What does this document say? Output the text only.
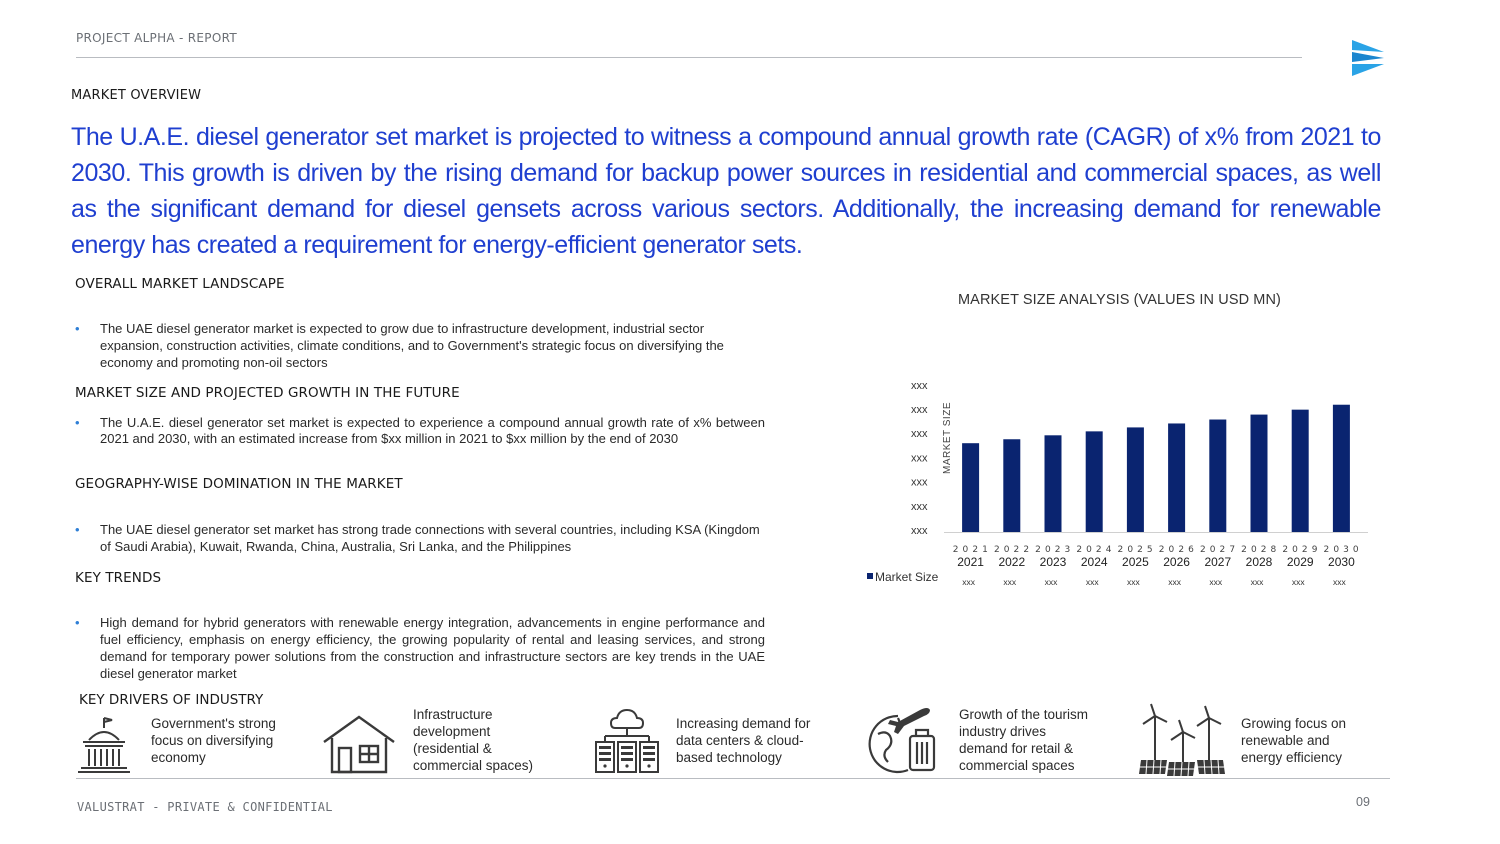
PROJECT ALPHA - REPORT
MARKET OVERVIEW
The U.A.E. diesel generator set market is projected to witness a compound annual growth rate (CAGR) of x% from 2021 to 2030. This growth is driven by the rising demand for backup power sources in residential and commercial spaces, as well as the significant demand for diesel gensets across various sectors. Additionally, the increasing demand for renewable energy has created a requirement for energy-efficient generator sets.
OVERALL MARKET LANDSCAPE
• The UAE diesel generator market is expected to grow due to infrastructure development, industrial sector expansion, construction activities, climate conditions, and to Government's strategic focus on diversifying the economy and promoting non-oil sectors
MARKET SIZE AND PROJECTED GROWTH IN THE FUTURE
• The U.A.E. diesel generator set market is expected to experience a compound annual growth rate of x% between 2021 and 2030, with an estimated increase from $xx million in 2021 to $xx million by the end of 2030
GEOGRAPHY-WISE DOMINATION IN THE MARKET
• The UAE diesel generator set market has strong trade connections with several countries, including KSA (Kingdom of Saudi Arabia), Kuwait, Rwanda, China, Australia, Sri Lanka, and the Philippines
KEY TRENDS
• High demand for hybrid generators with renewable energy integration, advancements in engine performance and fuel efficiency, emphasis on energy efficiency, the growing popularity of rental and leasing services, and strong demand for temporary power solutions from the construction and infrastructure sectors are key trends in the UAE diesel generator market
MARKET SIZE ANALYSIS (VALUES IN USD MN)
xxx
xxx
xxx
xxx
xxx
xxx
xxx
MARKET SIZE
2 0 2 1
2021
xxx
2 0 2 2
2022
xxx
2 0 2 3
2023
xxx
2 0 2 4
2024
xxx
2 0 2 5
2025
xxx
2 0 2 6
2026
xxx
2 0 2 7
2027
xxx
2 0 2 8
2028
xxx
2 0 2 9
2029
xxx
2 0 3 0
2030
xxx
Market Size
KEY DRIVERS OF INDUSTRY
Government's strong
focus on diversifying
economy
Infrastructure
development
(residential &
commercial spaces)
Increasing demand for
data centers & cloud-
based technology
Growth of the tourism
industry drives
demand for retail &
commercial spaces
Growing focus on
renewable and
energy efficiency
VALUSTRAT - PRIVATE & CONFIDENTIAL	09
